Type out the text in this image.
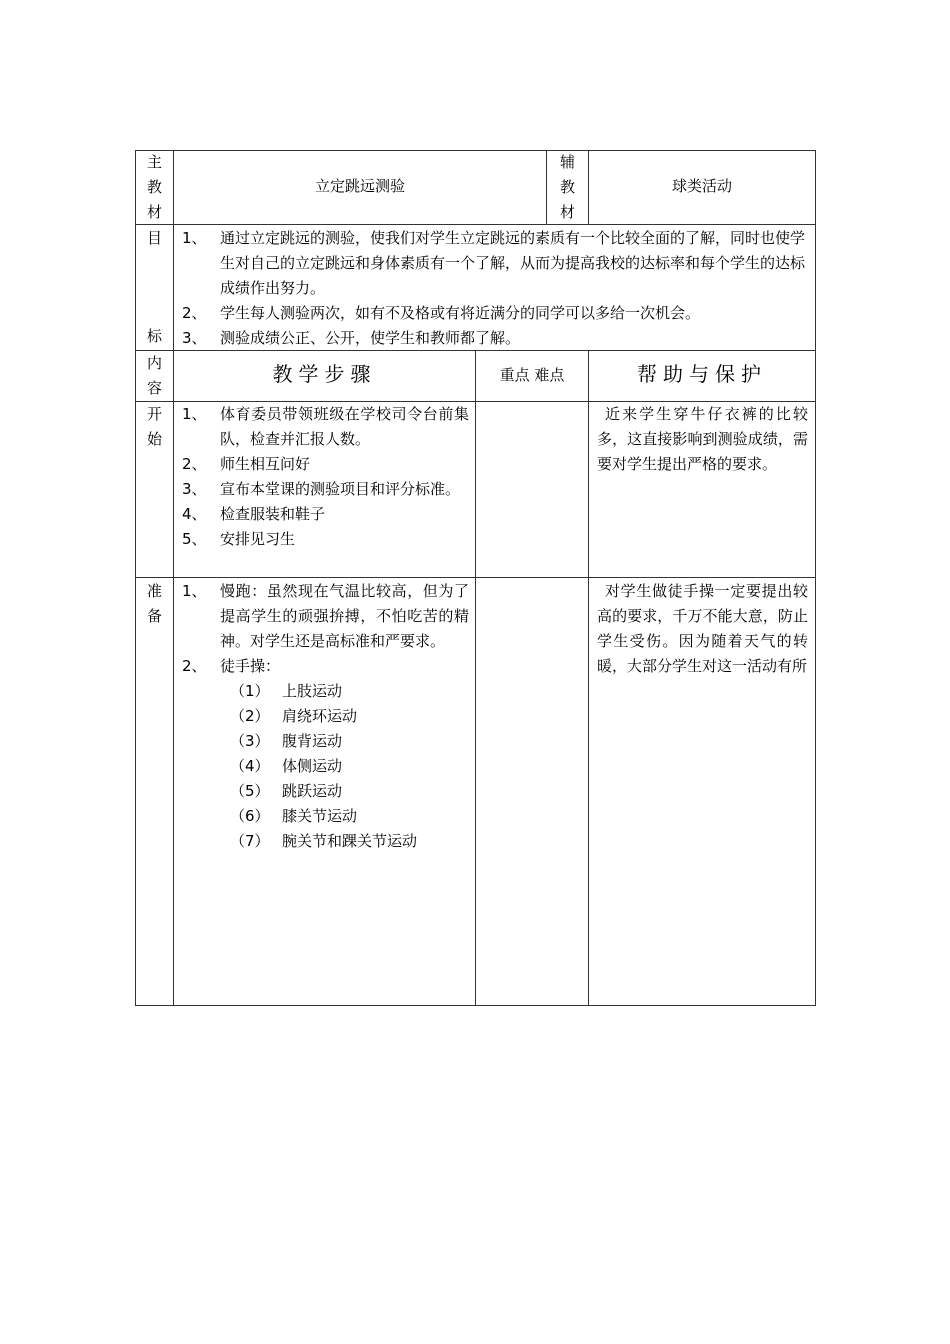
主
教
材
立定跳远测验
辅
教
材
球类活动
目
标
1、 通过立定跳远的测验，使我们对学生立定跳远的素质有一个比较全面的了解，同时也使学生对自己的立定跳远和身体素质有一个了解，从而为提高我校的达标率和每个学生的达标成绩作出努力。
2、 学生每人测验两次，如有不及格或有将近满分的同学可以多给一次机会。
3、 测验成绩公正、公开，使学生和教师都了解。
内
容
教学步骤	重点 难点	帮助与保护
开
始
1、 体育委员带领班级在学校司令台前集队，检查并汇报人数。
2、 师生相互问好
3、 宣布本堂课的测验项目和评分标准。
4、 检查服装和鞋子
5、 安排见习生
近来学生穿牛仔衣裤的比较多，这直接影响到测验成绩，需要对学生提出严格的要求。
准
备
1、 慢跑：虽然现在气温比较高，但为了提高学生的顽强拚搏，不怕吃苦的精神。对学生还是高标准和严要求。
2、 徒手操：
（1） 上肢运动
（2） 肩绕环运动
（3） 腹背运动
（4） 体侧运动
（5） 跳跃运动
（6） 膝关节运动
（7） 腕关节和踝关节运动
对学生做徒手操一定要提出较高的要求，千万不能大意，防止学生受伤。因为随着天气的转暖，大部分学生对这一活动有所
